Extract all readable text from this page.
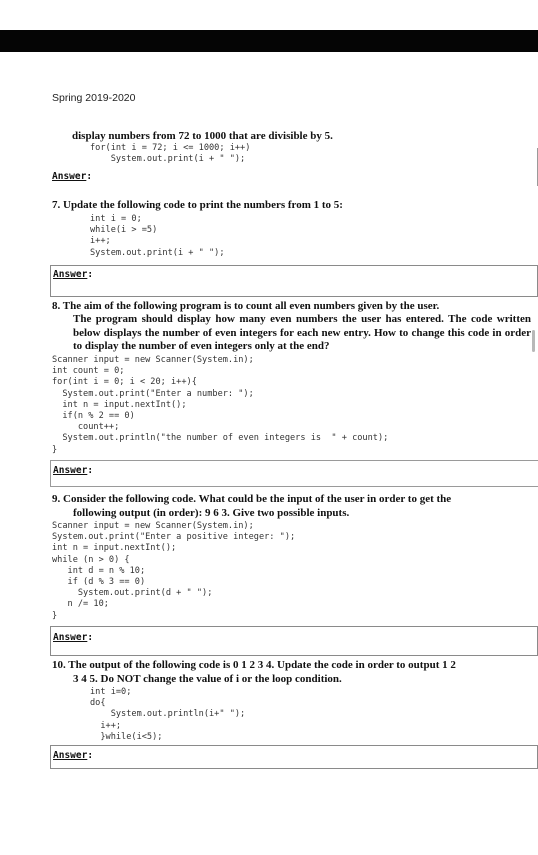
Spring 2019-2020
display numbers from 72 to 1000 that are divisible by 5.
for(int i = 72; i <= 1000; i++)
System.out.print(i + " ");
Answer:
7. Update the following code to print the numbers from 1 to 5:
int i = 0;
while(i > =5)
i++;
System.out.print(i + " ");
Answer:
8. The aim of the following program is to count all even numbers given by the user.
The program should display how many even numbers the user has entered. The code written below displays the number of even integers for each new entry. How to change this code in order to display the number of even integers only at the end?
Scanner input = new Scanner(System.in);
int count = 0;
for(int i = 0; i < 20; i++){
System.out.print("Enter a number: ");
int n = input.nextInt();
if(n % 2 == 0)
count++;
System.out.println("the number of even integers is  " + count);
}
Answer:
9. Consider the following code. What could be the input of the user in order to get the
following output (in order): 9 6 3. Give two possible inputs.
Scanner input = new Scanner(System.in);
System.out.print("Enter a positive integer: ");
int n = input.nextInt();
while (n > 0) {
int d = n % 10;
if (d % 3 == 0)
System.out.print(d + " ");
n /= 10;
}
Answer:
10. The output of the following code is 0 1 2 3 4. Update the code in order to output 1 2
3 4 5. Do NOT change the value of i or the loop condition.
int i=0;
do{
System.out.println(i+" ");
i++;
}while(i<5);
Answer:
